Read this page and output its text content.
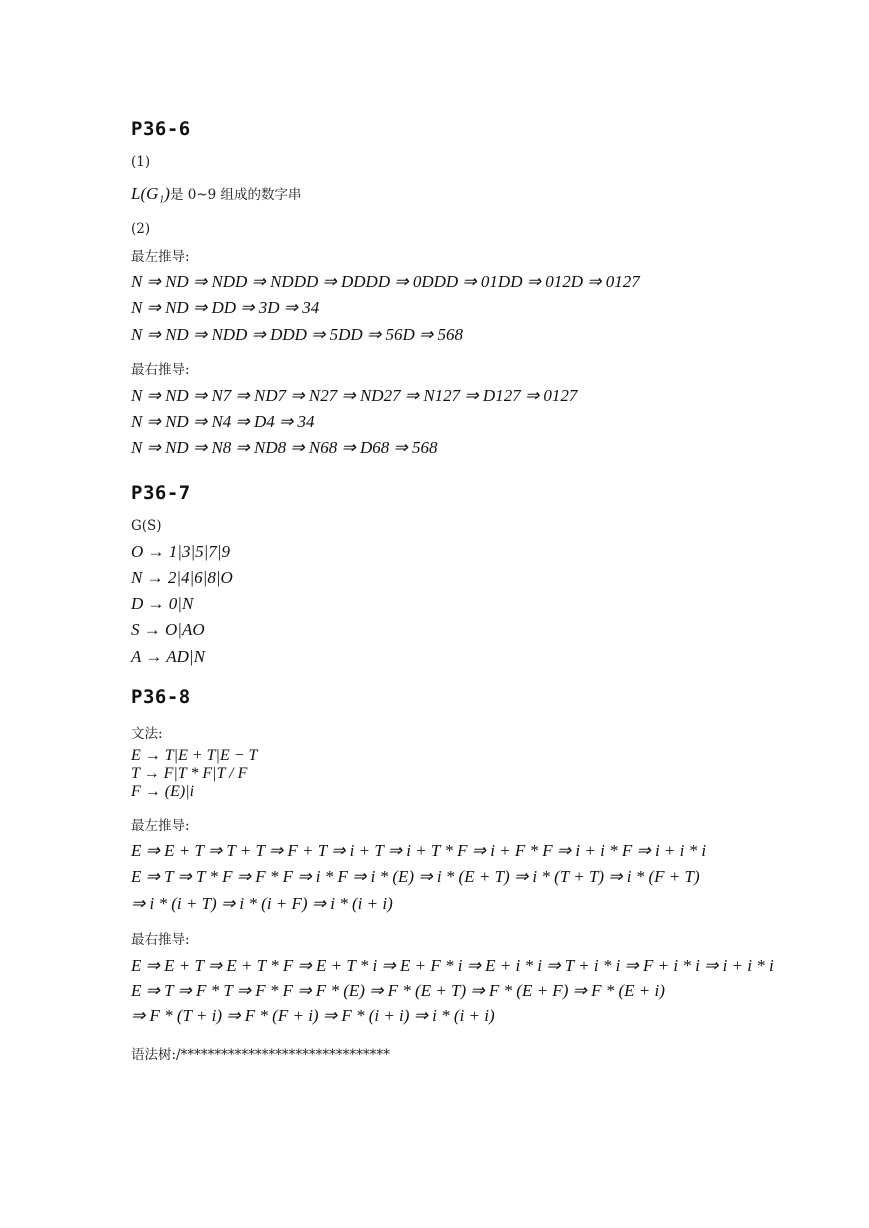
P36-6
(1)
L(G₁)是 0~9 组成的数字串
(2)
最左推导:
N ⇒ ND ⇒ NDD ⇒ NDDD ⇒ DDDD ⇒ 0DDD ⇒ 01DD ⇒ 012D ⇒ 0127
N ⇒ ND ⇒ DD ⇒ 3D ⇒ 34
N ⇒ ND ⇒ NDD ⇒ DDD ⇒ 5DD ⇒ 56D ⇒ 568
最右推导:
N ⇒ ND ⇒ N7 ⇒ ND7 ⇒ N27 ⇒ ND27 ⇒ N127 ⇒ D127 ⇒ 0127
N ⇒ ND ⇒ N4 ⇒ D4 ⇒ 34
N ⇒ ND ⇒ N8 ⇒ ND8 ⇒ N68 ⇒ D68 ⇒ 568
P36-7
G(S)
O → 1|3|5|7|9
N → 2|4|6|8|O
D → 0|N
S → O|AO
A → AD|N
P36-8
文法:
E → T|E + T|E − T
T → F|T * F|T / F
F → (E)|i
最左推导:
E ⇒ E + T ⇒ T + T ⇒ F + T ⇒ i + T ⇒ i + T * F ⇒ i + F * F ⇒ i + i * F ⇒ i + i * i
E ⇒ T ⇒ T * F ⇒ F * F ⇒ i * F ⇒ i * (E) ⇒ i * (E + T) ⇒ i * (T + T) ⇒ i * (F + T)
⇒ i * (i + T) ⇒ i * (i + F) ⇒ i * (i + i)
最右推导:
E ⇒ E + T ⇒ E + T * F ⇒ E + T * i ⇒ E + F * i ⇒ E + i * i ⇒ T + i * i ⇒ F + i * i ⇒ i + i * i
E ⇒ T ⇒ F * T ⇒ F * F ⇒ F * (E) ⇒ F * (E + T) ⇒ F * (E + F) ⇒ F * (E + i)
⇒ F * (T + i) ⇒ F * (F + i) ⇒ F * (i + i) ⇒ i * (i + i)
语法树:/*******************************
